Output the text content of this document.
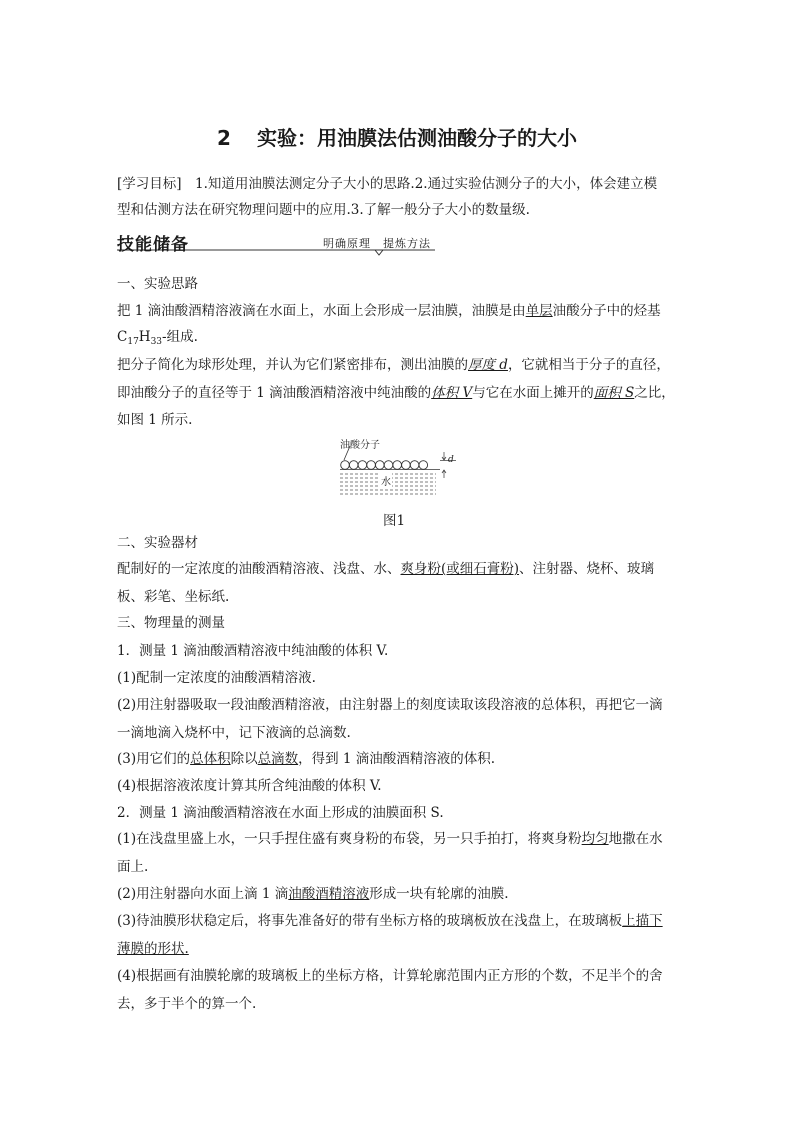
2 实验：用油膜法估测油酸分子的大小
[学习目标]　1.知道用油膜法测定分子大小的思路.2.通过实验估测分子的大小，体会建立模
型和估测方法在研究物理问题中的应用.3.了解一般分子大小的数量级.
技能储备	明确原理　提炼方法
一、实验思路
把 1 滴油酸酒精溶液滴在水面上，水面上会形成一层油膜，油膜是由单层油酸分子中的烃基
$C_{17}H_{33}-$组成.
把分子简化为球形处理，并认为它们紧密排布，测出油膜的厚度 d，它就相当于分子的直径，
即油酸分子的直径等于 1 滴油酸酒精溶液中纯油酸的体积 V与它在水面上摊开的面积 S之比，
如图 1 所示.
油酸分子
水
d
图1
二、实验器材
配制好的一定浓度的油酸酒精溶液、浅盘、水、爽身粉(或细石膏粉)、注射器、烧杯、玻璃
板、彩笔、坐标纸.
三、物理量的测量
1．测量 1 滴油酸酒精溶液中纯油酸的体积 V.
(1)配制一定浓度的油酸酒精溶液.
(2)用注射器吸取一段油酸酒精溶液，由注射器上的刻度读取该段溶液的总体积，再把它一滴
一滴地滴入烧杯中，记下液滴的总滴数.
(3)用它们的总体积除以总滴数，得到 1 滴油酸酒精溶液的体积.
(4)根据溶液浓度计算其所含纯油酸的体积 V.
2．测量 1 滴油酸酒精溶液在水面上形成的油膜面积 S.
(1)在浅盘里盛上水，一只手捏住盛有爽身粉的布袋，另一只手拍打，将爽身粉均匀地撒在水
面上.
(2)用注射器向水面上滴 1 滴油酸酒精溶液形成一块有轮廓的油膜.
(3)待油膜形状稳定后，将事先准备好的带有坐标方格的玻璃板放在浅盘上，在玻璃板上描下
薄膜的形状.
(4)根据画有油膜轮廓的玻璃板上的坐标方格，计算轮廓范围内正方形的个数，不足半个的舍
去，多于半个的算一个.
